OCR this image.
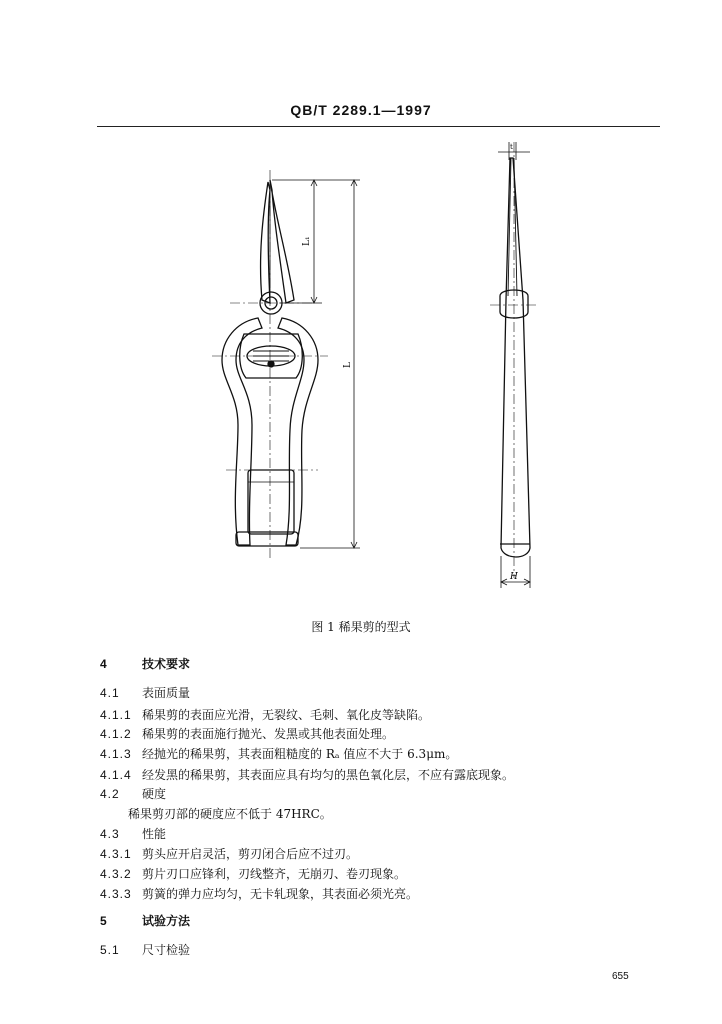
QB/T 2289.1—1997
L₁
L
t
H
图 1 稀果剪的型式
4	技术要求
4.1 表面质量
4.1.1 稀果剪的表面应光滑，无裂纹、毛刺、氧化皮等缺陷。
4.1.2 稀果剪的表面施行抛光、发黑或其他表面处理。
4.1.3 经抛光的稀果剪，其表面粗糙度的 Rₐ 值应不大于 6.3μm。
4.1.4 经发黑的稀果剪，其表面应具有均匀的黑色氧化层，不应有露底现象。
4.2 硬度
稀果剪刃部的硬度应不低于 47HRC。
4.3 性能
4.3.1 剪头应开启灵活，剪刃闭合后应不过刃。
4.3.2 剪片刃口应锋利，刃线整齐，无崩刃、卷刃现象。
4.3.3 剪簧的弹力应均匀，无卡轧现象，其表面必须光亮。
5	试验方法
5.1 尺寸检验
655
